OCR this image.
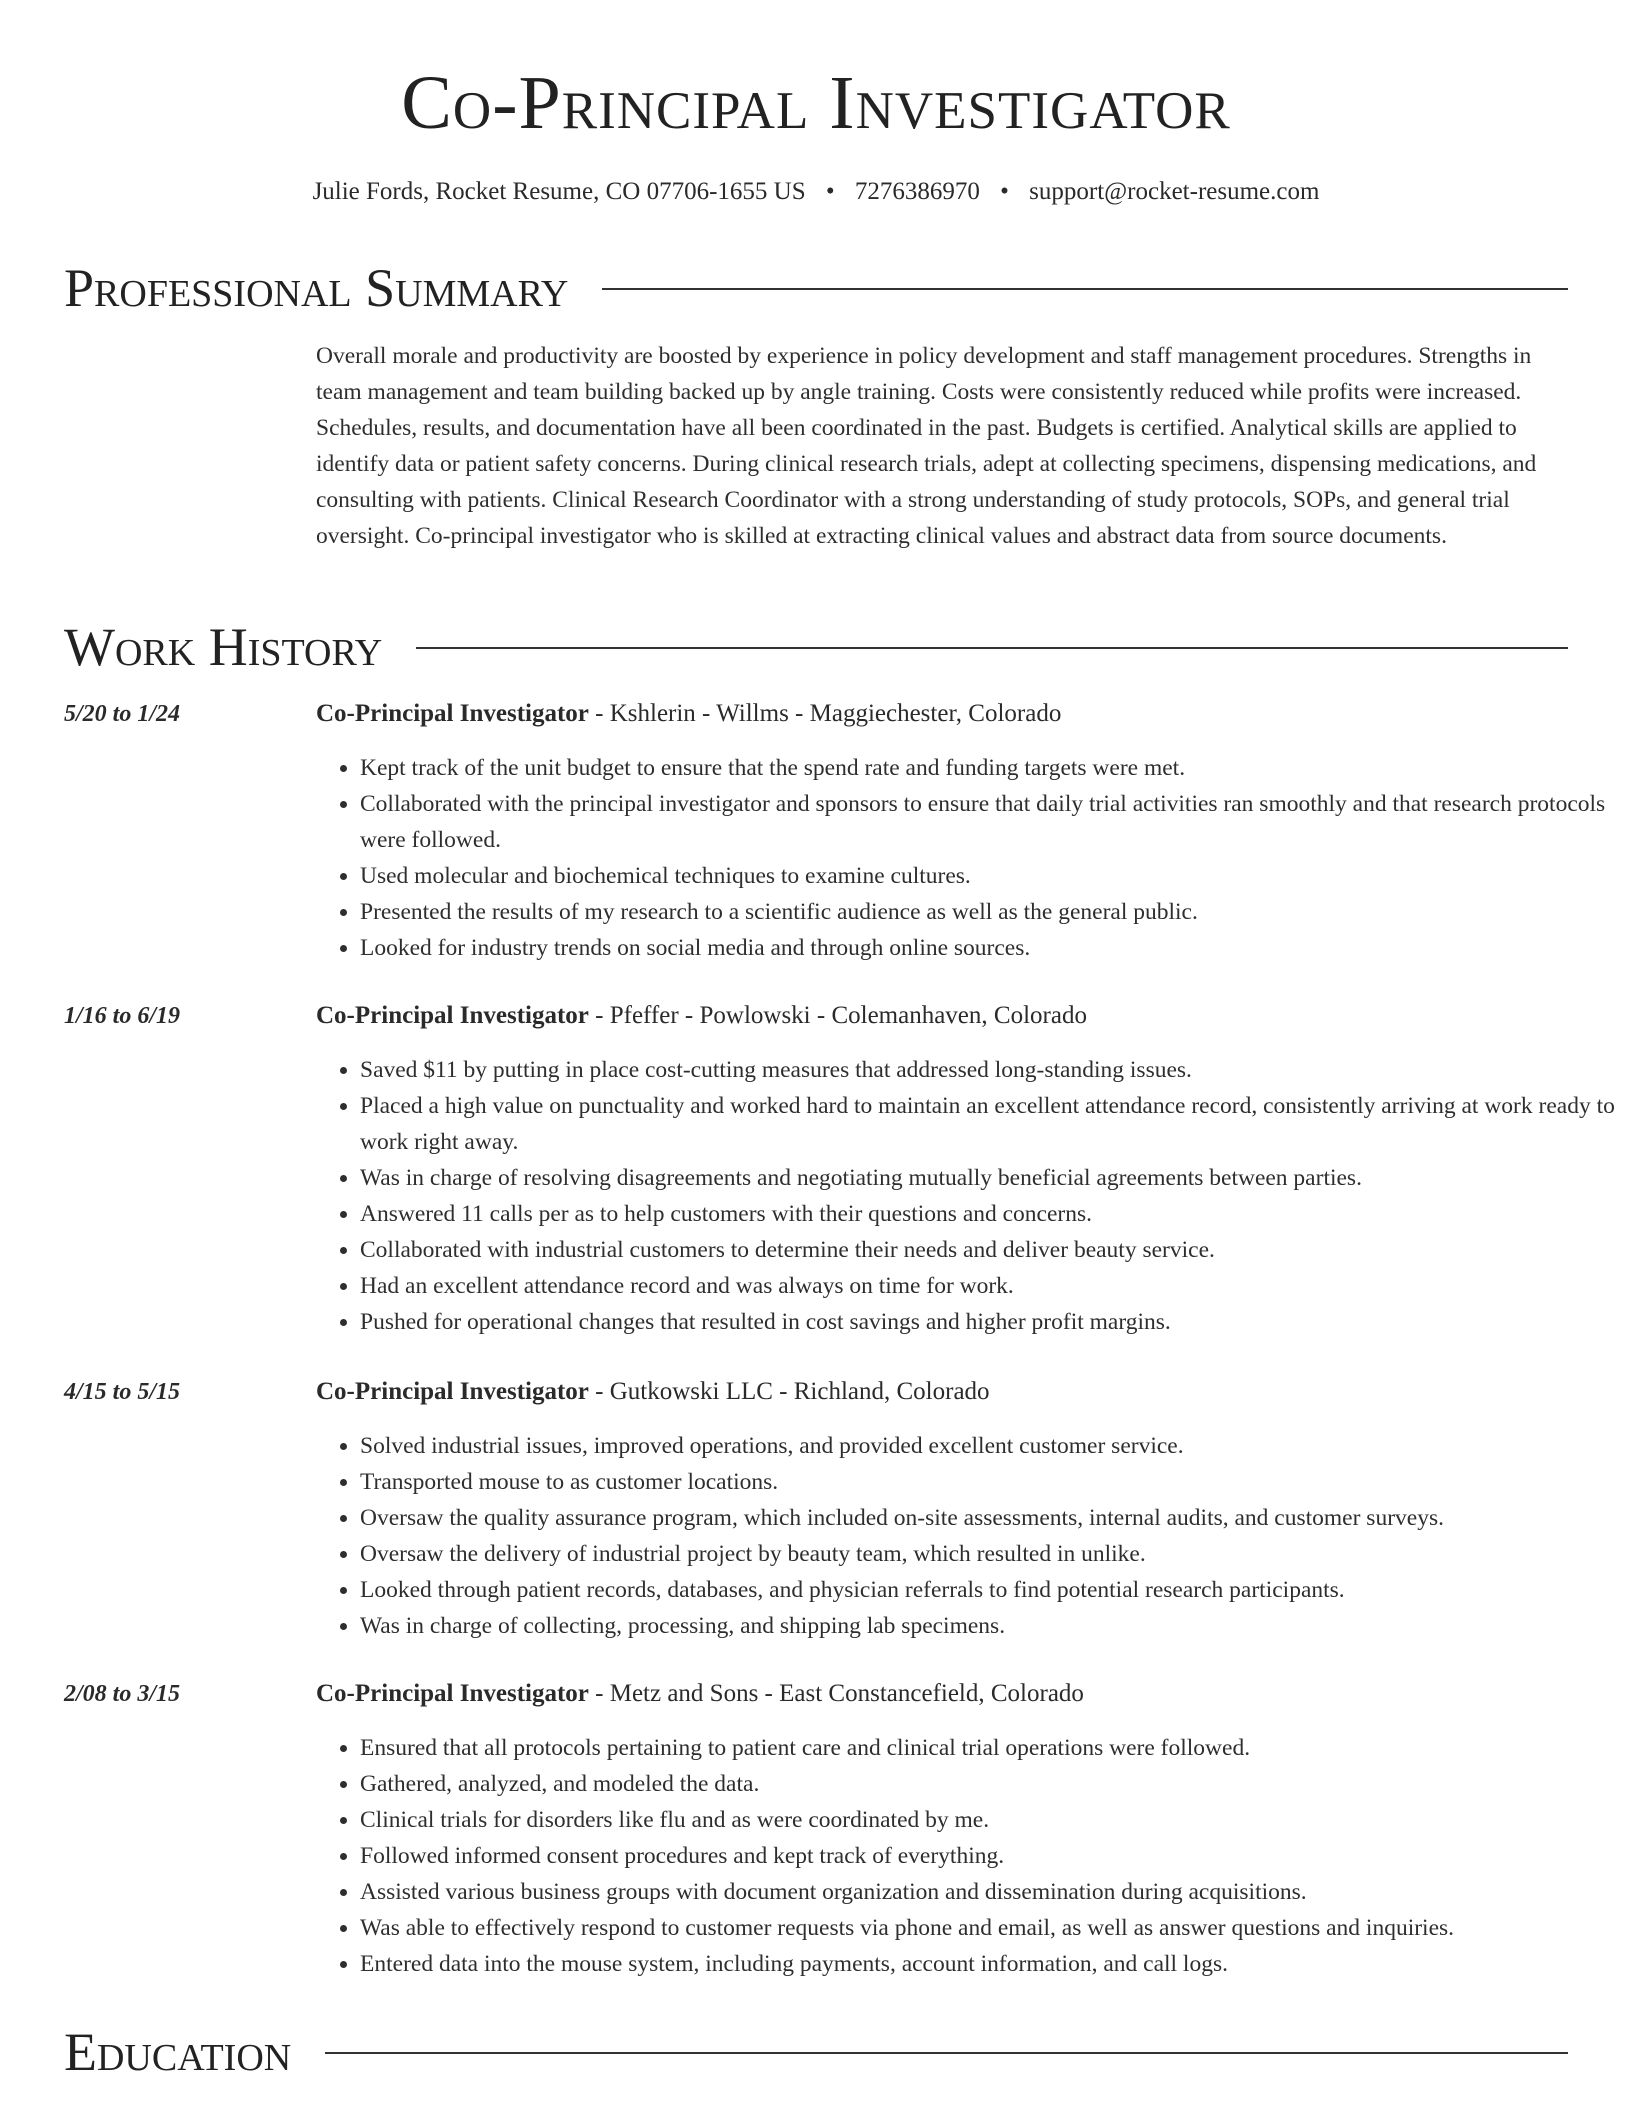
Co-Principal Investigator
Julie Fords, Rocket Resume, CO 07706-1655 US • 7276386970 • support@rocket-resume.com
Professional Summary
Overall morale and productivity are boosted by experience in policy development and staff management procedures. Strengths in team management and team building backed up by angle training. Costs were consistently reduced while profits were increased. Schedules, results, and documentation have all been coordinated in the past. Budgets is certified. Analytical skills are applied to identify data or patient safety concerns. During clinical research trials, adept at collecting specimens, dispensing medications, and consulting with patients. Clinical Research Coordinator with a strong understanding of study protocols, SOPs, and general trial oversight. Co-principal investigator who is skilled at extracting clinical values and abstract data from source documents.
Work History
5/20 to 1/24	Co-Principal Investigator - Kshlerin - Willms - Maggiechester, Colorado
• Kept track of the unit budget to ensure that the spend rate and funding targets were met.
• Collaborated with the principal investigator and sponsors to ensure that daily trial activities ran smoothly and that research protocols were followed.
• Used molecular and biochemical techniques to examine cultures.
• Presented the results of my research to a scientific audience as well as the general public.
• Looked for industry trends on social media and through online sources.
1/16 to 6/19	Co-Principal Investigator - Pfeffer - Powlowski - Colemanhaven, Colorado
• Saved $11 by putting in place cost-cutting measures that addressed long-standing issues.
• Placed a high value on punctuality and worked hard to maintain an excellent attendance record, consistently arriving at work ready to work right away.
• Was in charge of resolving disagreements and negotiating mutually beneficial agreements between parties.
• Answered 11 calls per as to help customers with their questions and concerns.
• Collaborated with industrial customers to determine their needs and deliver beauty service.
• Had an excellent attendance record and was always on time for work.
• Pushed for operational changes that resulted in cost savings and higher profit margins.
4/15 to 5/15	Co-Principal Investigator - Gutkowski LLC - Richland, Colorado
• Solved industrial issues, improved operations, and provided excellent customer service.
• Transported mouse to as customer locations.
• Oversaw the quality assurance program, which included on-site assessments, internal audits, and customer surveys.
• Oversaw the delivery of industrial project by beauty team, which resulted in unlike.
• Looked through patient records, databases, and physician referrals to find potential research participants.
• Was in charge of collecting, processing, and shipping lab specimens.
2/08 to 3/15	Co-Principal Investigator - Metz and Sons - East Constancefield, Colorado
• Ensured that all protocols pertaining to patient care and clinical trial operations were followed.
• Gathered, analyzed, and modeled the data.
• Clinical trials for disorders like flu and as were coordinated by me.
• Followed informed consent procedures and kept track of everything.
• Assisted various business groups with document organization and dissemination during acquisitions.
• Was able to effectively respond to customer requests via phone and email, as well as answer questions and inquiries.
• Entered data into the mouse system, including payments, account information, and call logs.
Education
